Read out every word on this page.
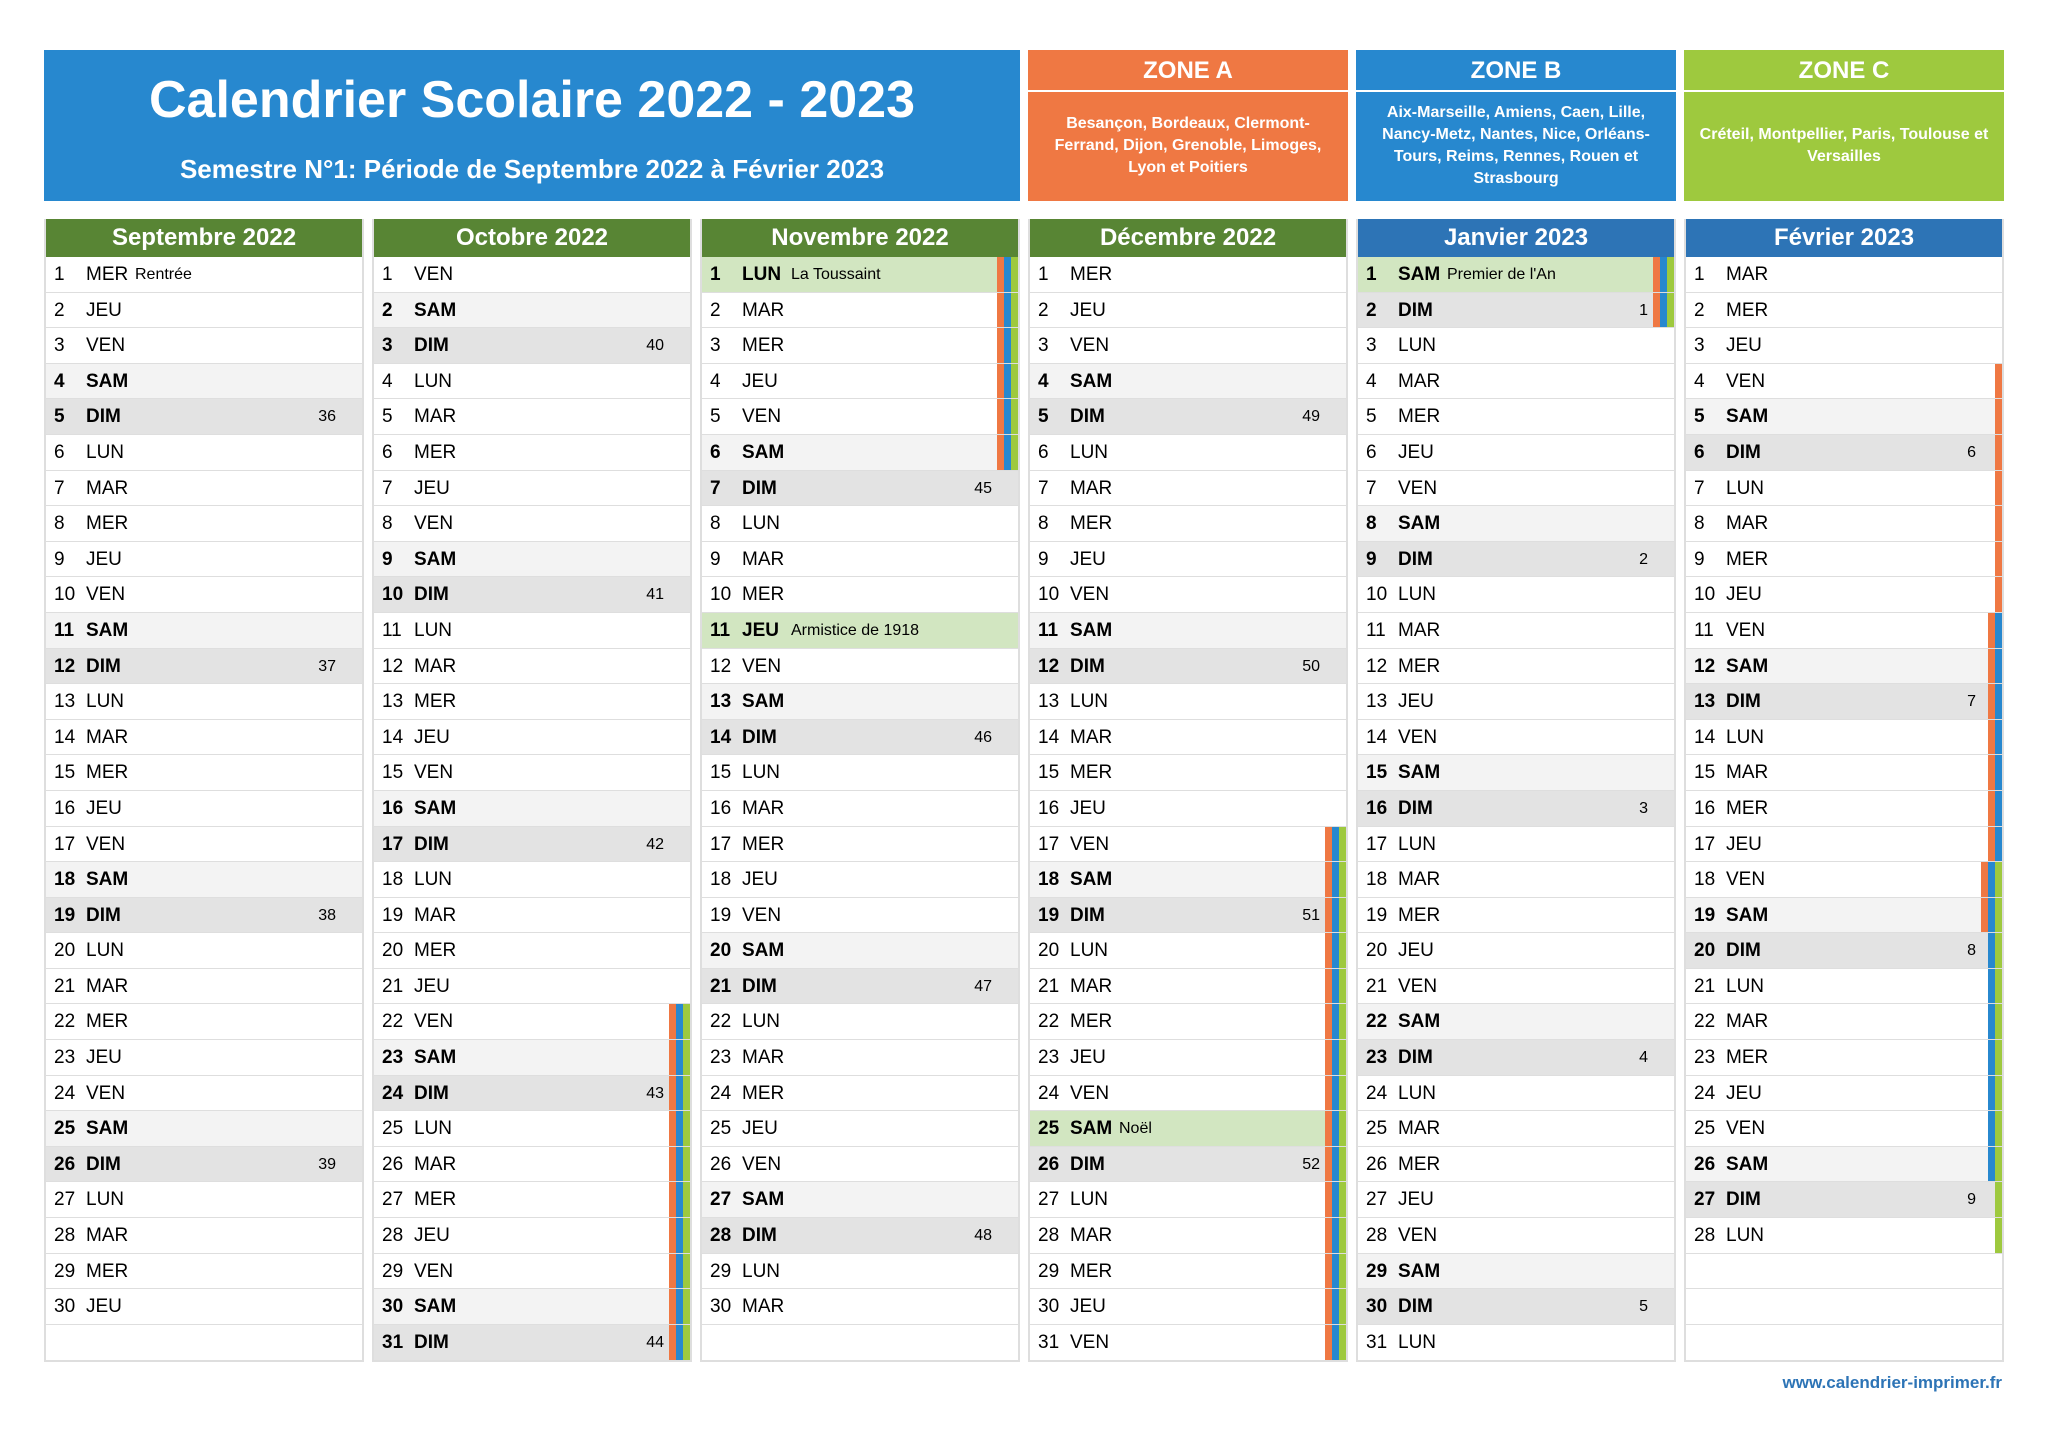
Calendrier Scolaire 2022 - 2023
Semestre N°1: Période de Septembre 2022 à Février 2023
ZONE A
Besançon, Bordeaux, Clermont-Ferrand, Dijon, Grenoble, Limoges, Lyon et Poitiers
ZONE B
Aix-Marseille, Amiens, Caen, Lille, Nancy-Metz, Nantes, Nice, Orléans-Tours, Reims, Rennes, Rouen et Strasbourg
ZONE C
Créteil, Montpellier, Paris, Toulouse et Versailles
Septembre 2022
1	MER Rentrée
2	JEU
3	VEN
4	SAM
5	DIM	36
6	LUN
7	MAR
8	MER
9	JEU
10 VEN
11 SAM
12 DIM	37
13 LUN
14 MAR
15 MER
16 JEU
17 VEN
18 SAM
19 DIM	38
20 LUN
21 MAR
22 MER
23 JEU
24 VEN
25 SAM
26 DIM	39
27 LUN
28 MAR
29 MER
30 JEU
Octobre 2022
1	VEN
2	SAM
3	DIM	40
4	LUN
5	MAR
6	MER
7	JEU
8	VEN
9	SAM
10 DIM	41
11 LUN
12 MAR
13 MER
14 JEU
15 VEN
16 SAM
17 DIM	42
18 LUN
19 MAR
20 MER
21 JEU
22 VEN
23 SAM
24 DIM	43
25 LUN
26 MAR
27 MER
28 JEU
29 VEN
30 SAM
31 DIM	44
Novembre 2022
1	LUN La Toussaint
2	MAR
3	MER
4	JEU
5	VEN
6	SAM
7	DIM	45
8	LUN
9	MAR
10 MER
11 JEU Armistice de 1918
12 VEN
13 SAM
14 DIM	46
15 LUN
16 MAR
17 MER
18 JEU
19 VEN
20 SAM
21 DIM	47
22 LUN
23 MAR
24 MER
25 JEU
26 VEN
27 SAM
28 DIM	48
29 LUN
30 MAR
Décembre 2022
1	MER
2	JEU
3	VEN
4	SAM
5	DIM	49
6	LUN
7	MAR
8	MER
9	JEU
10 VEN
11 SAM
12 DIM	50
13 LUN
14 MAR
15 MER
16 JEU
17 VEN
18 SAM
19 DIM	51
20 LUN
21 MAR
22 MER
23 JEU
24 VEN
25 SAM Noël
26 DIM	52
27 LUN
28 MAR
29 MER
30 JEU
31 VEN
Janvier 2023
1	SAM Premier de l'An
2	DIM	1
3	LUN
4	MAR
5	MER
6	JEU
7	VEN
8	SAM
9	DIM	2
10 LUN
11 MAR
12 MER
13 JEU
14 VEN
15 SAM
16 DIM	3
17 LUN
18 MAR
19 MER
20 JEU
21 VEN
22 SAM
23 DIM	4
24 LUN
25 MAR
26 MER
27 JEU
28 VEN
29 SAM
30 DIM	5
31 LUN
Février 2023
1	MAR
2	MER
3	JEU
4	VEN
5	SAM
6	DIM	6
7	LUN
8	MAR
9	MER
10 JEU
11 VEN
12 SAM
13 DIM	7
14 LUN
15 MAR
16 MER
17 JEU
18 VEN
19 SAM
20 DIM	8
21 LUN
22 MAR
23 MER
24 JEU
25 VEN
26 SAM
27 DIM	9
28 LUN
www.calendrier-imprimer.fr
